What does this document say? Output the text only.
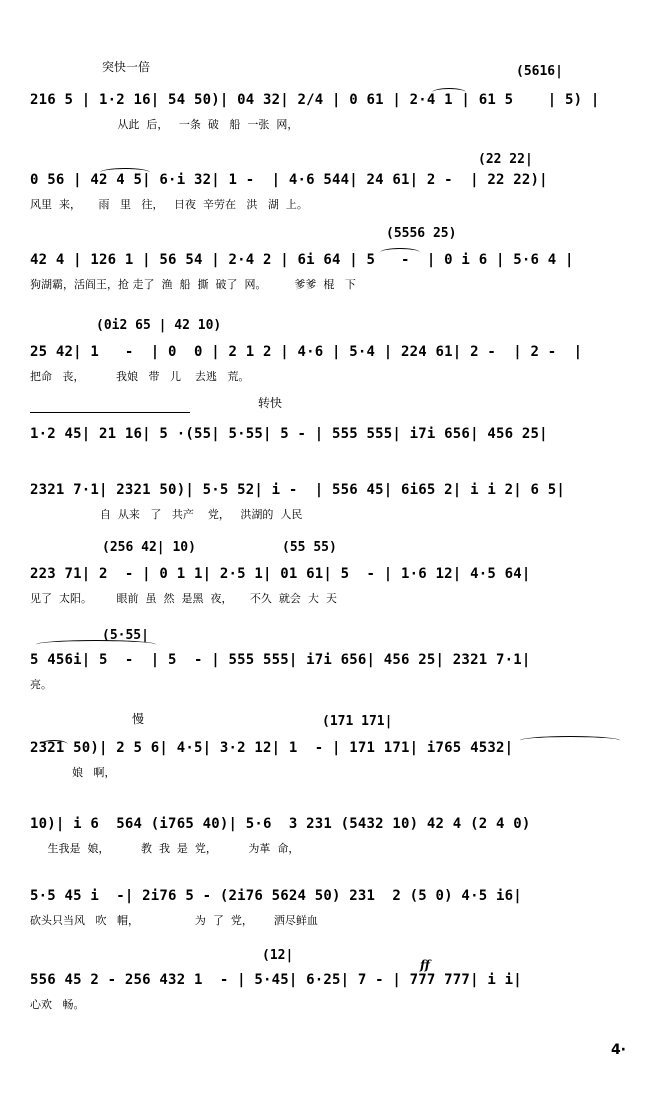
突快一倍
转快
慢
(5616|
216 5 | 1·2 16| 54 50)| 04 32| 2/4 | 0 61 | 2·4 1 | 61 5    | 5) |
从此  后，   一条  破   船  一张  网，
(22 22|
0 56 | 42 4 5| 6·i 32| 1 -  | 4·6 544| 24 61| 2 -  | 22 22)|
风里  来，     雨   里   往，   日夜  辛劳在   洪   湖  上。
(5556 25)
42 4 | 126 1 | 56 54 | 2·4 2 | 6i 64 | 5   -  | 0 i 6 | 5·6 4 |
狗湖霸，活阎王，抢 走了  渔  船  撕  破了  网。        爹爹  棍   下
(0i2 65 | 42 10)
25 42| 1   -  | 0  0 | 2 1 2 | 4·6 | 5·4 | 224 61| 2 -  | 2 -  |
把命   丧，         我娘   带   儿    去逃   荒。
1·2 45| 21 16| 5 ·(55| 5·55| 5 - | 555 555| i7i 656| 456 25|
2321 7·1| 2321 50)| 5·5 52| i -  | 556 45| 6i65 2| i i 2| 6 5|
自  从来   了   共产    党，   洪湖的  人民
(256 42| 10)           (55 55)
223 71| 2  - | 0 1 1| 2·5 1| 01 61| 5  - | 1·6 12| 4·5 64|
见了  太阳。       眼前  虽  然  是黑  夜，     不久  就会  大  天
(5·55|
5 456i| 5  -  | 5  - | 555 555| i7i 656| 456 25| 2321 7·1|
亮。
(171 171|
2321 50)| 2 5 6| 4·5| 3·2 12| 1  - | 171 171| i765 4532|
娘   啊，
10)| i 6  564 (i765 40)| 5·6  3 231 (5432 10) 42 4 (2 4 0)
生我是  娘，         教  我  是  党，         为革  命，
5·5 45 i  -| 2i76 5 - (2i76 5624 50) 231  2 (5 0) 4·5 i6|
砍头只当风   吹   帽，                为  了  党，      洒尽鲜血
(12|
ff
556 45 2 - 256 432 1  - | 5·45| 6·25| 7 - | 777 777| i i|
心欢   畅。
4·
